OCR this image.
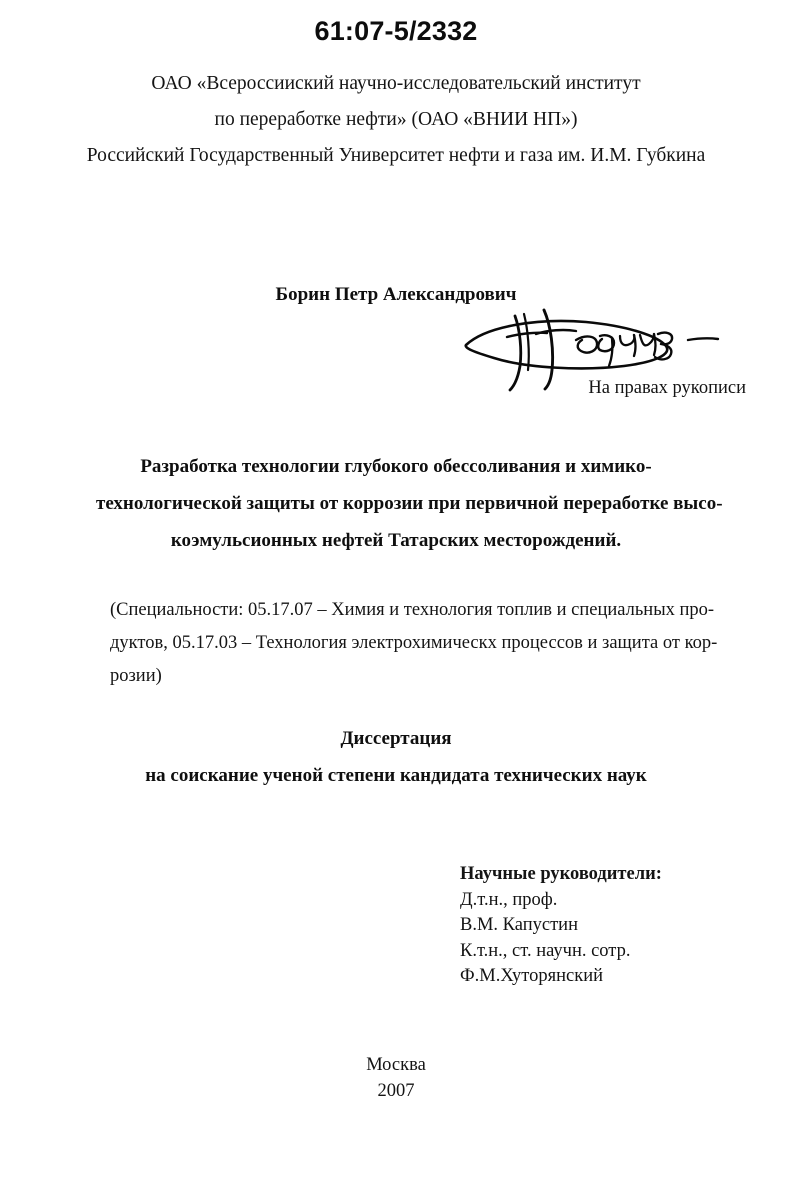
61:07-5/2332
ОАО «Всероссииский научно-исследовательский институт
по переработке нефти» (ОАО «ВНИИ НП»)
Российский Государственный Университет нефти и газа им. И.М. Губкина
Борин Петр Александрович
На правах рукописи
Разработка технологии глубокого обессоливания и химико-
технологической защиты от коррозии при первичной переработке высо-
коэмульсионных нефтей Татарских месторождений.
(Специальности: 05.17.07 – Химия и технология топлив и специальных про-
дуктов, 05.17.03 – Технология электрохимическх процессов и защита от кор-
розии)
Диссертация
на соискание ученой степени кандидата технических наук
Научные руководители:
Д.т.н., проф.
В.М. Капустин
К.т.н., ст. научн. сотр.
Ф.М.Хуторянский
Москва
2007
